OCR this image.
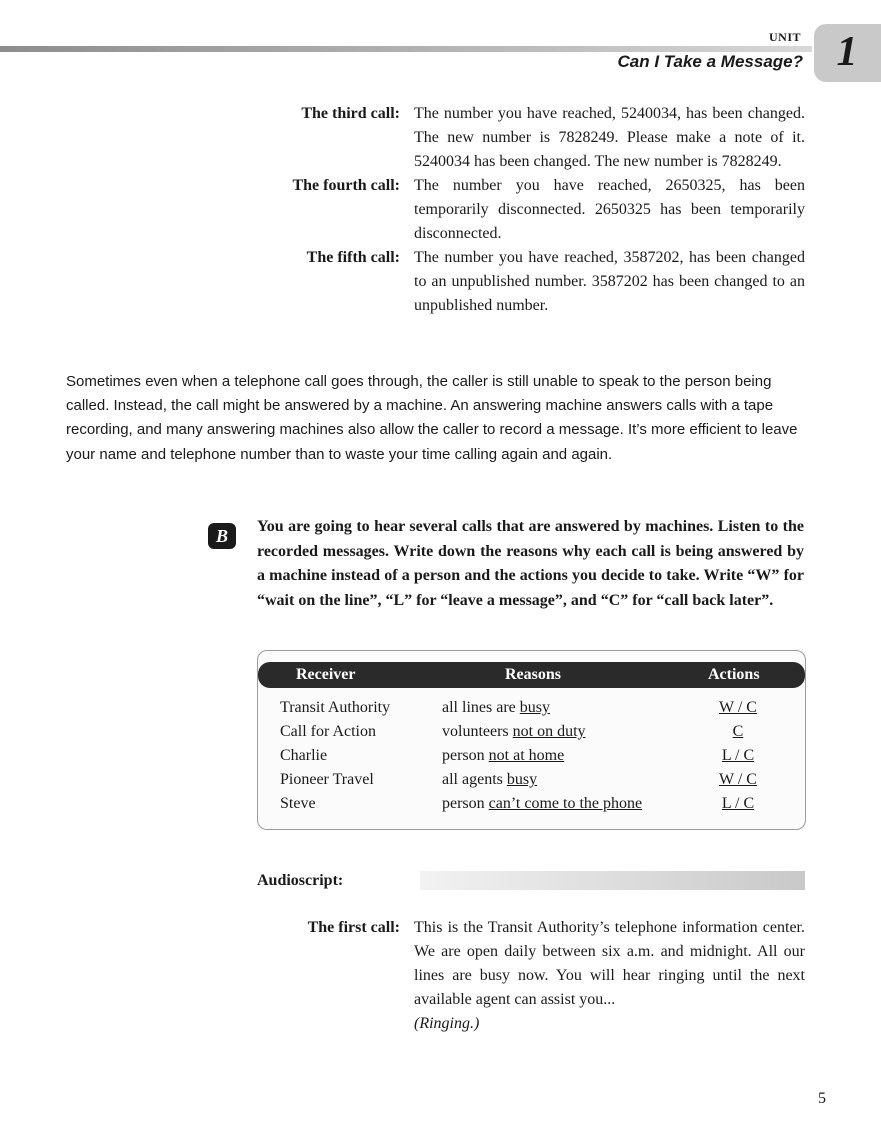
UNIT
Can I Take a Message? 1
The third call: The number you have reached, 5240034, has been changed. The new number is 7828249. Please make a note of it. 5240034 has been changed. The new number is 7828249.
The fourth call: The number you have reached, 2650325, has been temporarily disconnected. 2650325 has been temporarily disconnected.
The fifth call: The number you have reached, 3587202, has been changed to an unpublished number. 3587202 has been changed to an unpublished number.
Sometimes even when a telephone call goes through, the caller is still unable to speak to the person being called. Instead, the call might be answered by a machine. An answering machine answers calls with a tape recording, and many answering machines also allow the caller to record a message. It’s more efficient to leave your name and telephone number than to waste your time calling again and again.
B	You are going to hear several calls that are answered by machines. Listen to the recorded messages. Write down the reasons why each call is being answered by a machine instead of a person and the actions you decide to take. Write “W” for “wait on the line”, “L” for “leave a message”, and “C” for “call back later”.
Receiver	Reasons	Actions
Transit Authority	all lines are busy	W / C
Call for Action	volunteers not on duty	C
Charlie	person not at home	L / C
Pioneer Travel	all agents busy	W / C
Steve	person can’t come to the phone	L / C
Audioscript:
The first call: This is the Transit Authority’s telephone information center. We are open daily between six a.m. and midnight. All our lines are busy now. You will hear ringing until the next available agent can assist you...
(Ringing.)
5
